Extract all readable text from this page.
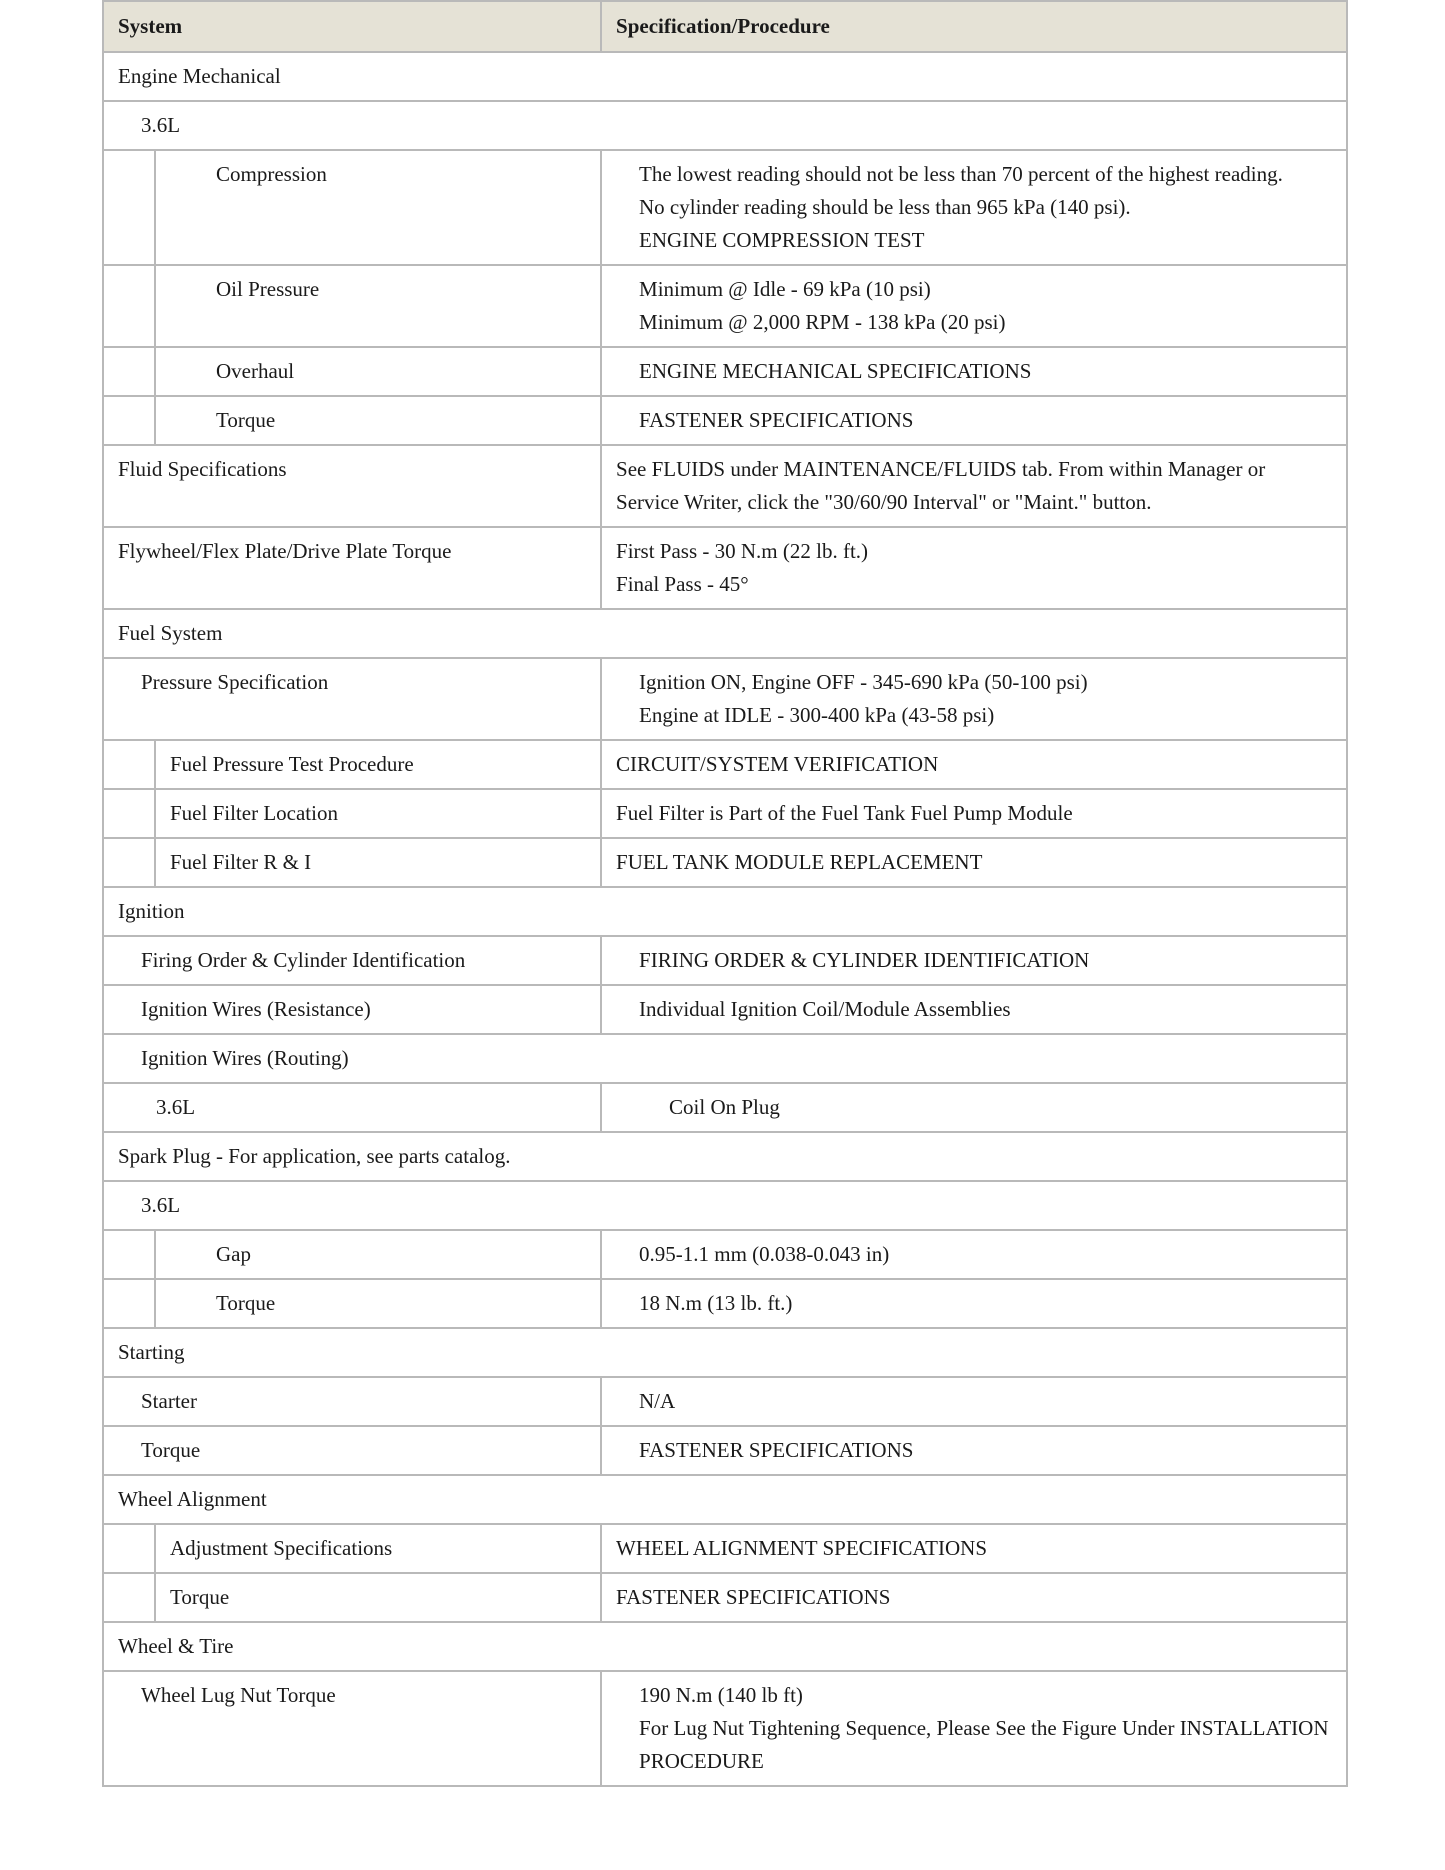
System		Specification/Procedure
Engine Mechanical		
3.6L		
	Compression	The lowest reading should not be less than 70 percent of the highest reading.
No cylinder reading should be less than 965 kPa (140 psi).
ENGINE COMPRESSION TEST

	Oil Pressure	Minimum @ Idle - 69 kPa (10 psi)
Minimum @ 2,000 RPM - 138 kPa (20 psi)

	Overhaul	ENGINE MECHANICAL SPECIFICATIONS
	Torque	FASTENER SPECIFICATIONS
Fluid Specifications		See FLUIDS under MAINTENANCE/FLUIDS tab. From within Manager or Service Writer, click the "30/60/90 Interval" or "Maint." button.
Flywheel/Flex Plate/Drive Plate Torque		First Pass - 30 N.m (22 lb. ft.)
Final Pass - 45°

Fuel System		
Pressure Specification		Ignition ON, Engine OFF - 345-690 kPa (50-100 psi)
Engine at IDLE - 300-400 kPa (43-58 psi)

	Fuel Pressure Test Procedure	CIRCUIT/SYSTEM VERIFICATION
	Fuel Filter Location	Fuel Filter is Part of the Fuel Tank Fuel Pump Module
	Fuel Filter R & I	FUEL TANK MODULE REPLACEMENT
Ignition		
Firing Order & Cylinder Identification		FIRING ORDER & CYLINDER IDENTIFICATION
Ignition Wires (Resistance)		Individual Ignition Coil/Module Assemblies
Ignition Wires (Routing)		
3.6L		Coil On Plug
Spark Plug - For application, see parts catalog.		
3.6L		
	Gap	0.95-1.1 mm (0.038-0.043 in)
	Torque	18 N.m (13 lb. ft.)
Starting		
Starter		N/A
Torque		FASTENER SPECIFICATIONS
Wheel Alignment		
	Adjustment Specifications	WHEEL ALIGNMENT SPECIFICATIONS
	Torque	FASTENER SPECIFICATIONS
Wheel & Tire		
Wheel Lug Nut Torque		190 N.m (140 lb ft)
For Lug Nut Tightening Sequence, Please See the Figure Under INSTALLATION PROCEDURE
